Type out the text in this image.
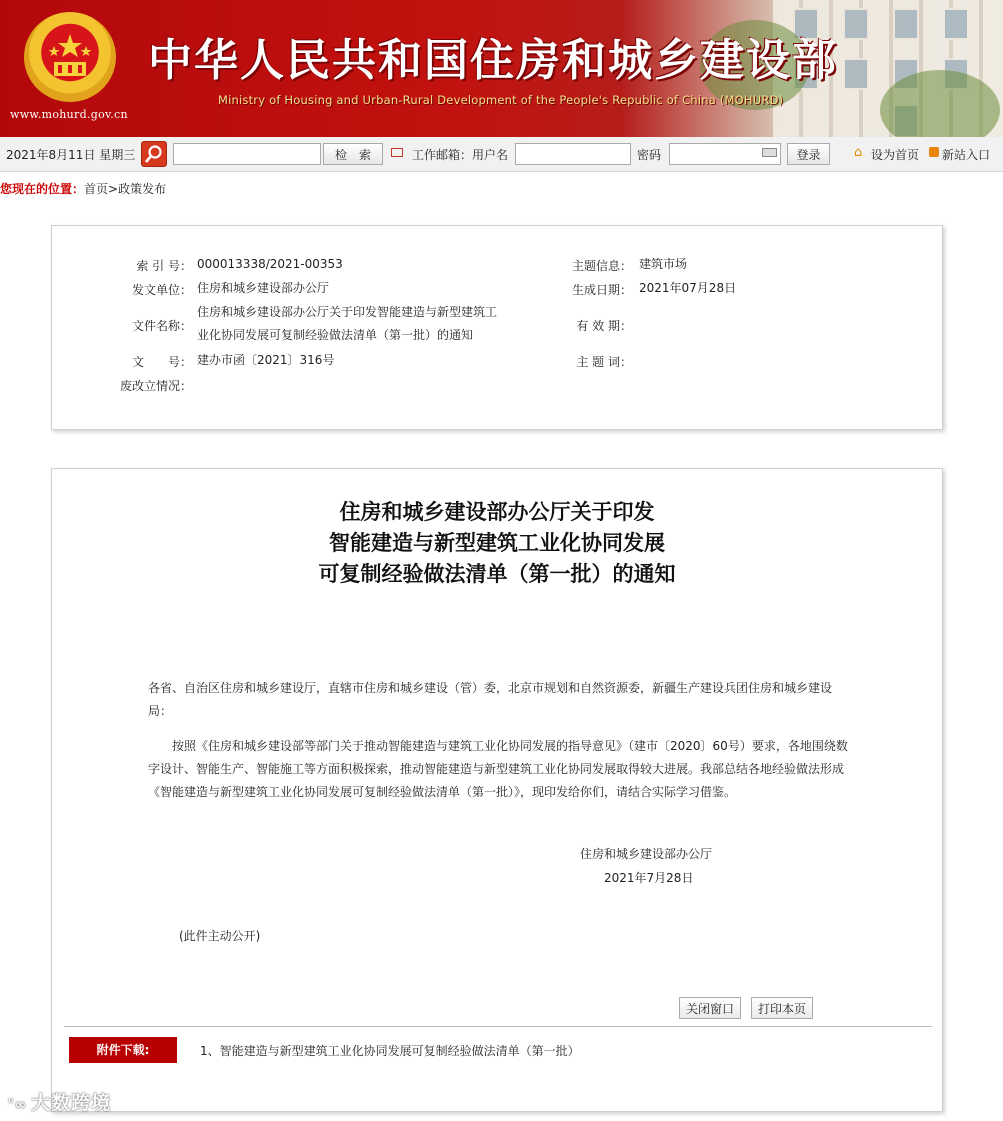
www.mohurd.gov.cn
中华人民共和国住房和城乡建设部
Ministry of Housing and Urban-Rural Development of the People's Republic of China (MOHURD)
2021年8月11日 星期三	检　索	工作邮箱：用户名	密码	登录	⌂ 设为首页 新站入口
您现在的位置：首页>政策发布
索 引 号： 000013338/2021-00353
发文单位： 住房和城乡建设部办公厅
文件名称：
住房和城乡建设部办公厅关于印发智能建造与新型建筑工业化协同发展可复制经验做法清单（第一批）的通知
文　　号： 建办市函〔2021〕316号
废改立情况：
主题信息： 建筑市场
生成日期： 2021年07月28日
有 效 期：
主 题 词：
住房和城乡建设部办公厅关于印发
智能建造与新型建筑工业化协同发展
可复制经验做法清单（第一批）的通知

各省、自治区住房和城乡建设厅，直辖市住房和城乡建设（管）委，北京市规划和自然资源委，新疆生产建设兵团住房和城乡建设局：

按照《住房和城乡建设部等部门关于推动智能建造与建筑工业化协同发展的指导意见》（建市〔2020〕60号）要求，各地围绕数字设计、智能生产、智能施工等方面积极探索，推动智能建造与新型建筑工业化协同发展取得较大进展。我部总结各地经验做法形成《智能建造与新型建筑工业化协同发展可复制经验做法清单（第一批）》，现印发给你们，请结合实际学习借鉴。

住房和城乡建设部办公厅
2021年7月28日
(此件主动公开)
关闭窗口	打印本页
附件下载:	1、智能建造与新型建筑工业化协同发展可复制经验做法清单（第一批）
ᐡ∞ 大数跨境
